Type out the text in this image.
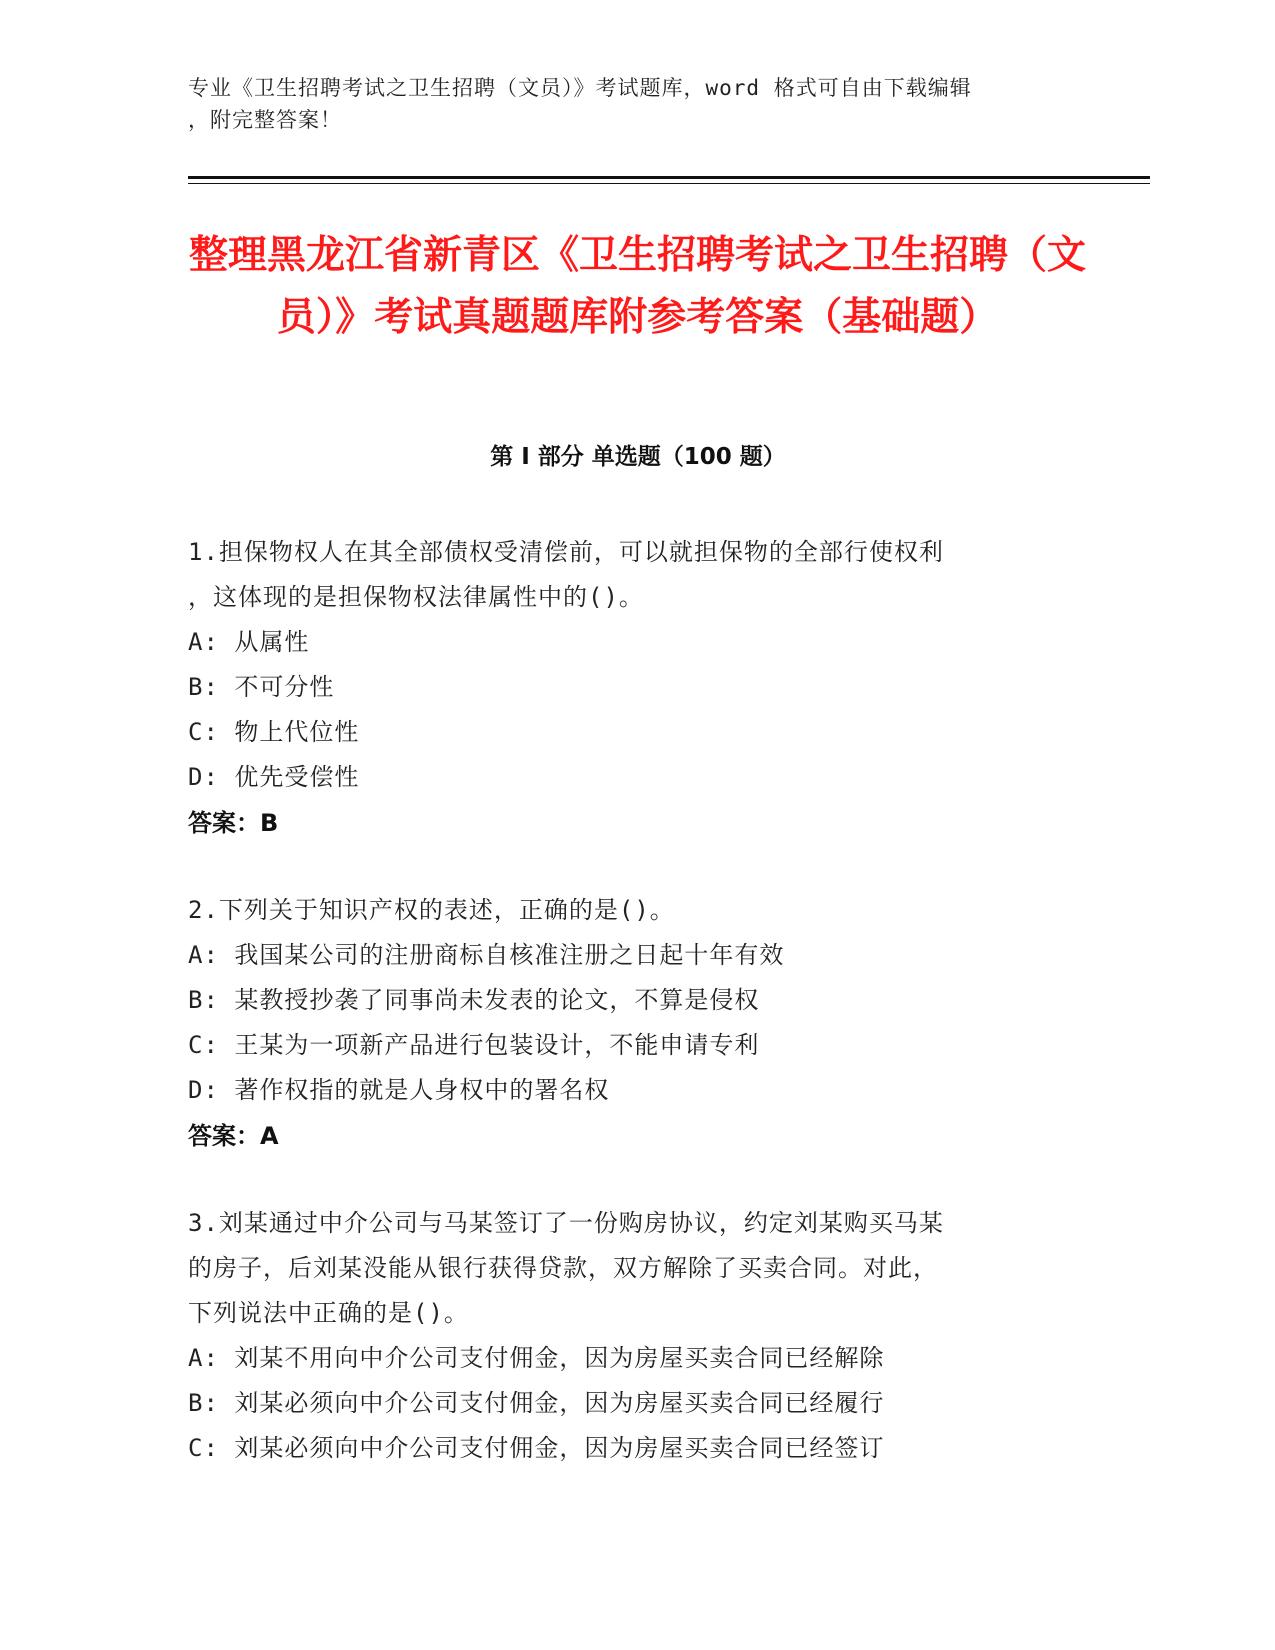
专业《卫生招聘考试之卫生招聘（文员）》考试题库，word 格式可自由下载编辑
，附完整答案！
整理黑龙江省新青区《卫生招聘考试之卫生招聘（文员）》考试真题题库附参考答案（基础题）
第 I 部分 单选题（100 题）
1.担保物权人在其全部债权受清偿前，可以就担保物的全部行使权利
，这体现的是担保物权法律属性中的()。
A: 从属性
B: 不可分性
C: 物上代位性
D: 优先受偿性
答案：B
2.下列关于知识产权的表述，正确的是()。
A: 我国某公司的注册商标自核准注册之日起十年有效
B: 某教授抄袭了同事尚未发表的论文，不算是侵权
C: 王某为一项新产品进行包装设计，不能申请专利
D: 著作权指的就是人身权中的署名权
答案：A
3.刘某通过中介公司与马某签订了一份购房协议，约定刘某购买马某
的房子，后刘某没能从银行获得贷款，双方解除了买卖合同。对此，
下列说法中正确的是()。
A: 刘某不用向中介公司支付佣金，因为房屋买卖合同已经解除
B: 刘某必须向中介公司支付佣金，因为房屋买卖合同已经履行
C: 刘某必须向中介公司支付佣金，因为房屋买卖合同已经签订
